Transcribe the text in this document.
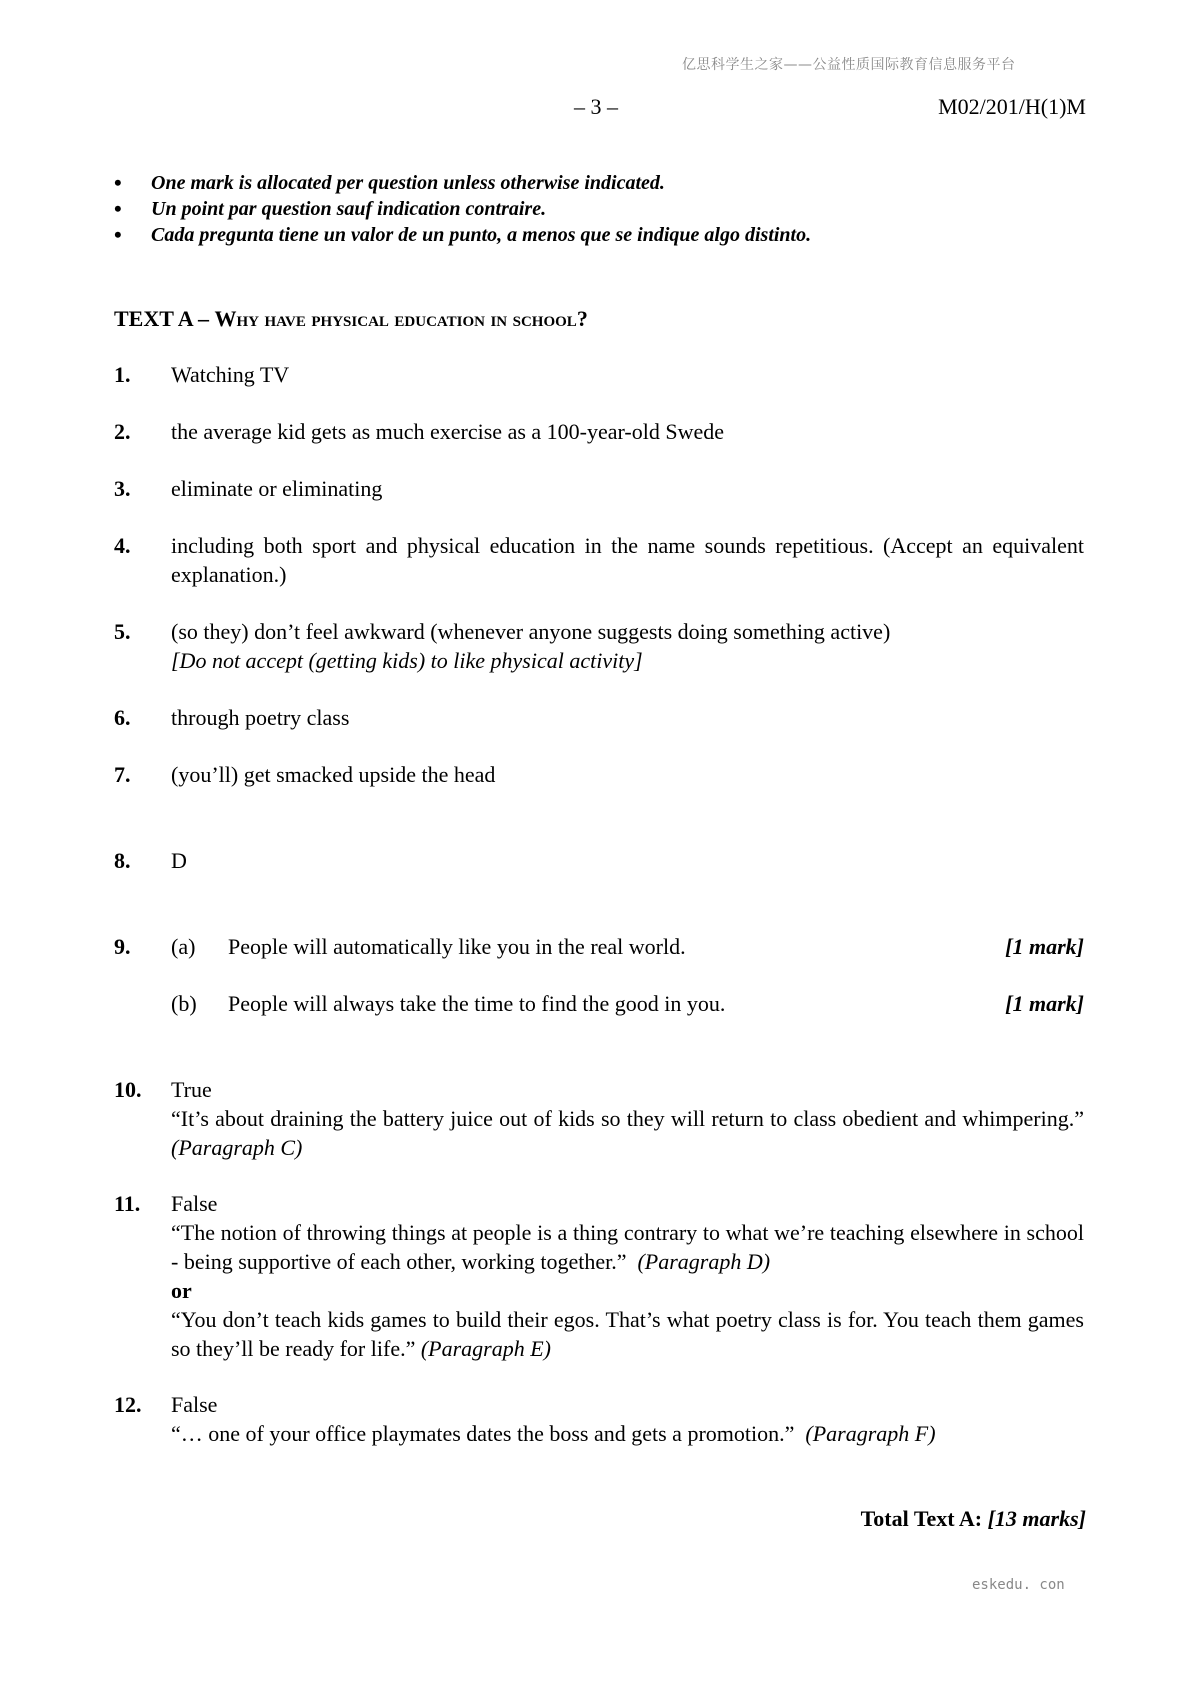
亿思科学生之家——公益性质国际教育信息服务平台
– 3 –	M02/201/H(1)M
• One mark is allocated per question unless otherwise indicated.
• Un point par question sauf indication contraire.
• Cada pregunta tiene un valor de un punto, a menos que se indique algo distinto.
TEXT A – Why have physical education in school?
1. Watching TV
2. the average kid gets as much exercise as a 100-year-old Swede
3. eliminate or eliminating
4. including both sport and physical education in the name sounds repetitious. (Accept an equivalent explanation.)
5. (so they) don’t feel awkward (whenever anyone suggests doing something active)
[Do not accept (getting kids) to like physical activity]
6. through poetry class
7. (you’ll) get smacked upside the head
8. D
9. (a) People will automatically like you in the real world.	[1 mark]
(b) People will always take the time to find the good in you.	[1 mark]
10. True
“It’s about draining the battery juice out of kids so they will return to class obedient and whimpering.” (Paragraph C)
11. False
“The notion of throwing things at people is a thing contrary to what we’re teaching elsewhere in school - being supportive of each other, working together.” (Paragraph D)
or
“You don’t teach kids games to build their egos. That’s what poetry class is for. You teach them games so they’ll be ready for life.” (Paragraph E)
12. False
“… one of your office playmates dates the boss and gets a promotion.” (Paragraph F)
Total Text A: [13 marks]
eskedu. con
